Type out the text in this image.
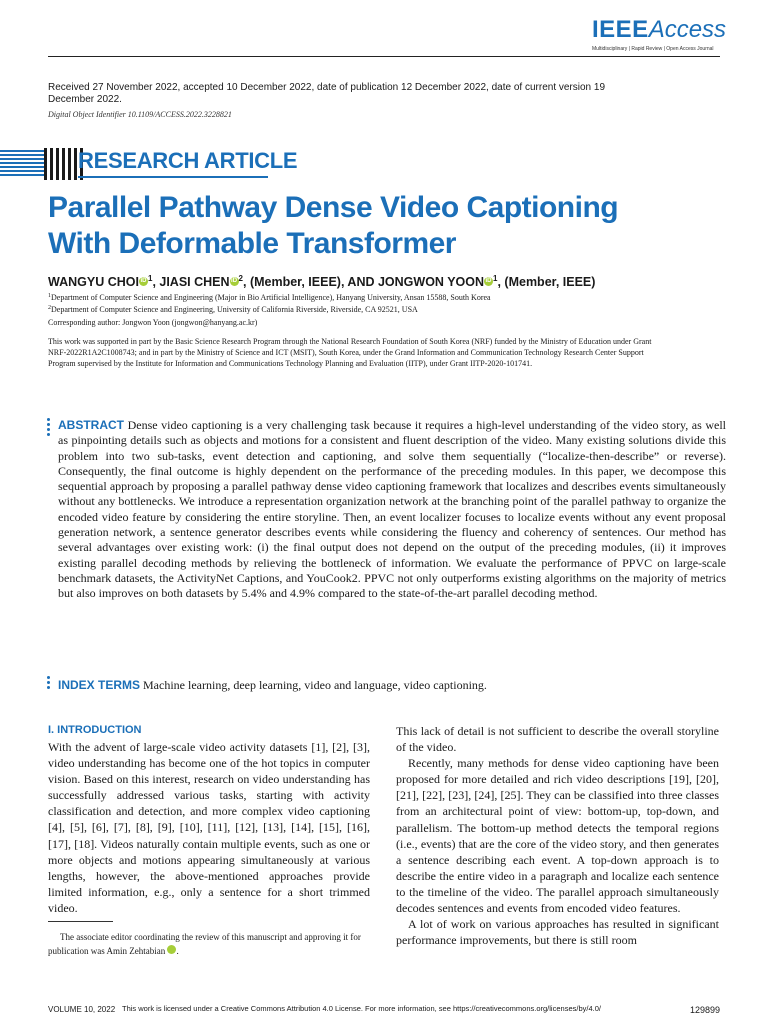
IEEEAccess
Multidisciplinary | Rapid Review | Open Access Journal
Received 27 November 2022, accepted 10 December 2022, date of publication 12 December 2022, date of current version 19 December 2022.
Digital Object Identifier 10.1109/ACCESS.2022.3228821
RESEARCH ARTICLE
Parallel Pathway Dense Video Captioning
With Deformable Transformer
WANGYU CHOI iD $^1$, JIASI CHEN iD $^2$, (Member, IEEE), AND JONGWON YOON iD $^1$, (Member, IEEE)
$^1$Department of Computer Science and Engineering (Major in Bio Artificial Intelligence), Hanyang University, Ansan 15588, South Korea
$^2$Department of Computer Science and Engineering, University of California Riverside, Riverside, CA 92521, USA
Corresponding author: Jongwon Yoon (jongwon@hanyang.ac.kr)
This work was supported in part by the Basic Science Research Program through the National Research Foundation of South Korea (NRF) funded by the Ministry of Education under Grant NRF-2022R1A2C1008743; and in part by the Ministry of Science and ICT (MSIT), South Korea, under the Grand Information and Communication Technology Research Center Support Program supervised by the Institute for Information and Communications Technology Planning and Evaluation (IITP), under Grant IITP-2020-101741.
ABSTRACT Dense video captioning is a very challenging task because it requires a high-level understanding of the video story, as well as pinpointing details such as objects and motions for a consistent and fluent description of the video. Many existing solutions divide this problem into two sub-tasks, event detection and captioning, and solve them sequentially (“localize-then-describe” or reverse). Consequently, the final outcome is highly dependent on the performance of the preceding modules. In this paper, we decompose this sequential approach by proposing a parallel pathway dense video captioning framework that localizes and describes events simultaneously without any bottlenecks. We introduce a representation organization network at the branching point of the parallel pathway to organize the encoded video feature by considering the entire storyline. Then, an event localizer focuses to localize events without any event proposal generation network, a sentence generator describes events while considering the fluency and coherency of sentences. Our method has several advantages over existing work: (i) the final output does not depend on the output of the preceding modules, (ii) it improves existing parallel decoding methods by relieving the bottleneck of information. We evaluate the performance of PPVC on large-scale benchmark datasets, the ActivityNet Captions, and YouCook2. PPVC not only outperforms existing algorithms on the majority of metrics but also improves on both datasets by 5.4% and 4.9% compared to the state-of-the-art parallel decoding method.
INDEX TERMS Machine learning, deep learning, video and language, video captioning.
I. INTRODUCTION
With the advent of large-scale video activity datasets [1], [2], [3], video understanding has become one of the hot topics in computer vision. Based on this interest, research on video understanding has successfully addressed various tasks, starting with activity classification and detection, and more complex video captioning [4], [5], [6], [7], [8], [9], [10], [11], [12], [13], [14], [15], [16], [17], [18]. Videos naturally contain multiple events, such as one or more objects and motions appearing simultaneously at various lengths, however, the above-mentioned approaches provide limited information, e.g., only a sentence for a short trimmed video.

This lack of detail is not sufficient to describe the overall storyline of the video.

Recently, many methods for dense video captioning have been proposed for more detailed and rich video descriptions [19], [20], [21], [22], [23], [24], [25]. They can be classified into three classes from an architectural point of view: bottom-up, top-down, and parallelism. The bottom-up method detects the temporal regions (i.e., events) that are the core of the video story, and then generates a sentence describing each event. A top-down approach is to describe the entire video in a paragraph and localize each sentence to the timeline of the video. The parallel approach simultaneously decodes sentences and events from encoded video features.

A lot of work on various approaches has resulted in significant performance improvements, but there is still room

The associate editor coordinating the review of this manuscript and approving it for publication was Amin Zehtabian iD.
VOLUME 10, 2022 This work is licensed under a Creative Commons Attribution 4.0 License. For more information, see https://creativecommons.org/licenses/by/4.0/	129899
